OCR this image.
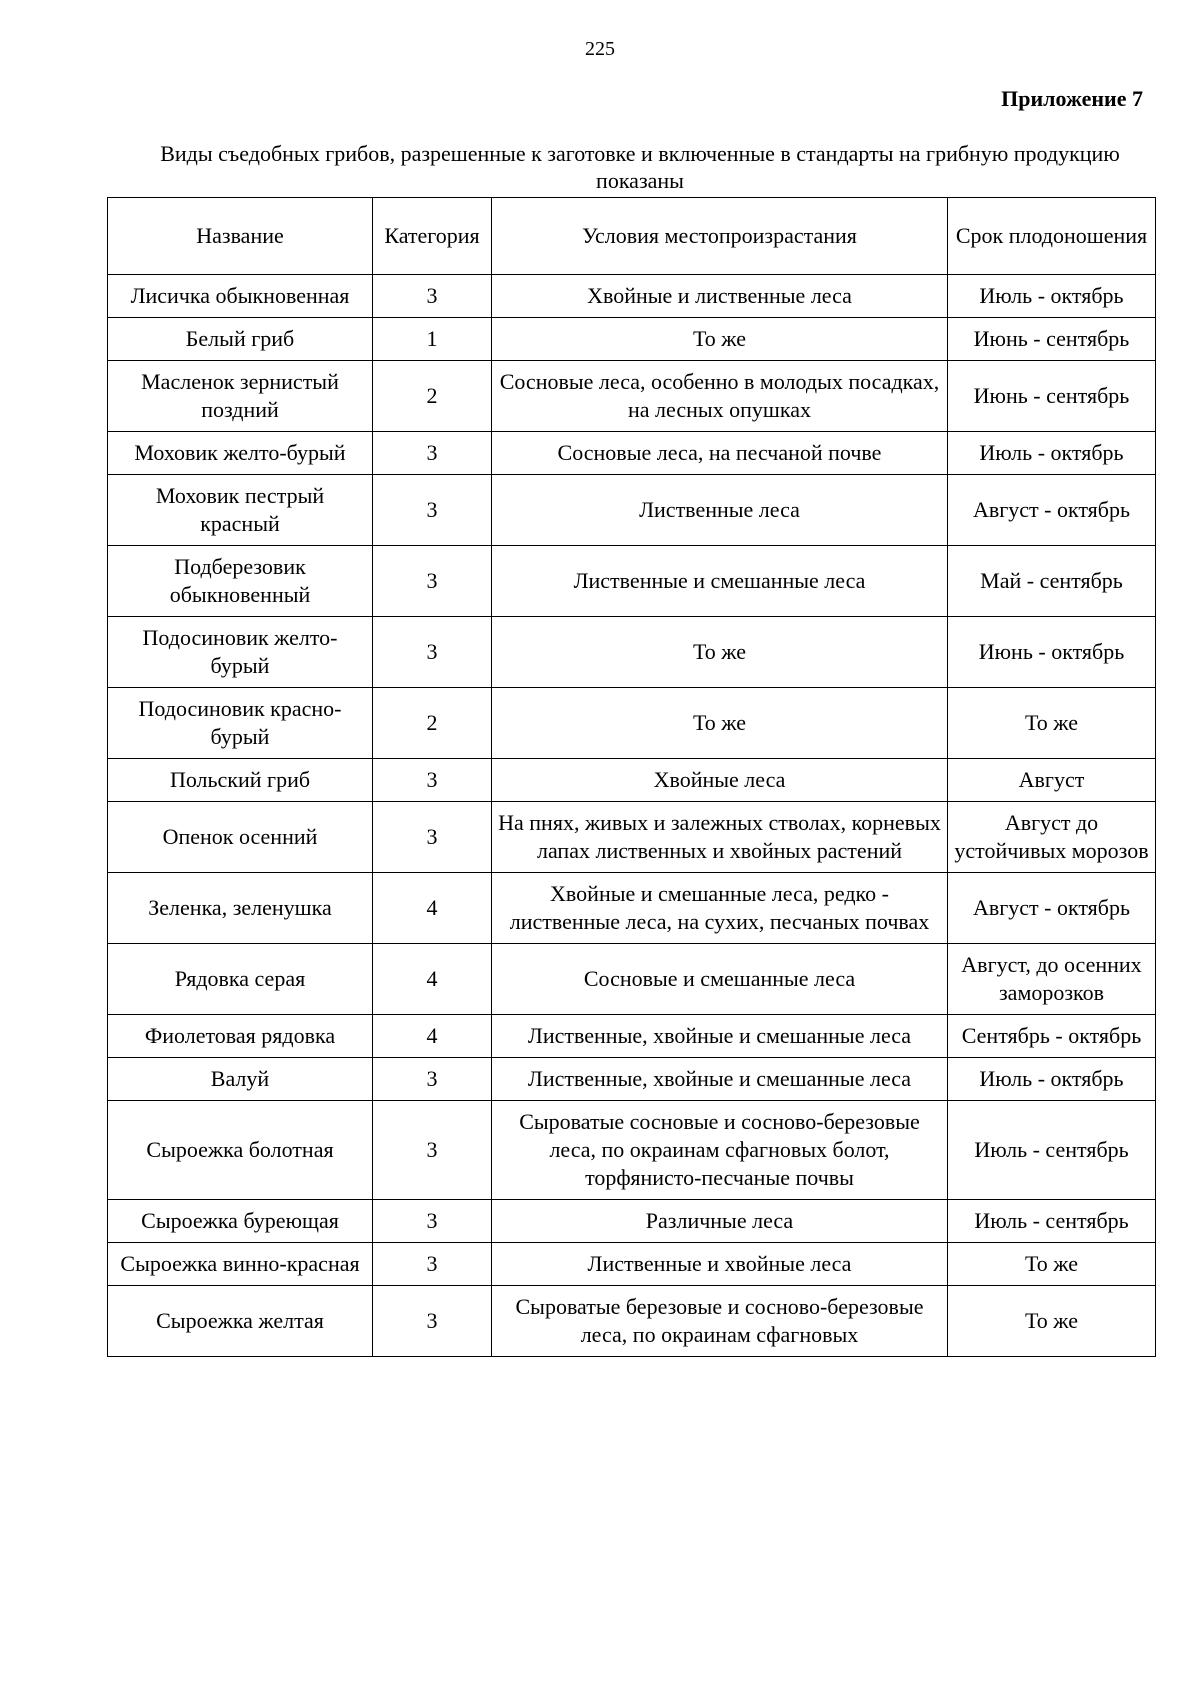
225
Приложение 7
Виды съедобных грибов, разрешенные к заготовке и включенные в стандарты на грибную продукцию показаны
Название	Категория	Условия местопроизрастания	Срок плодоношения
Лисичка обыкновенная	3	Хвойные и лиственные леса	Июль - октябрь
Белый гриб	1	То же	Июнь - сентябрь
Масленок зернистый поздний	2	Сосновые леса, особенно в молодых посадках, на лесных опушках	Июнь - сентябрь
Моховик желто-бурый	3	Сосновые леса, на песчаной почве	Июль - октябрь
Моховик пестрый красный	3	Лиственные леса	Август - октябрь
Подберезовик обыкновенный	3	Лиственные и смешанные леса	Май - сентябрь
Подосиновик желто-бурый	3	То же	Июнь - октябрь
Подосиновик красно-бурый	2	То же	То же
Польский гриб	3	Хвойные леса	Август
Опенок осенний	3	На пнях, живых и залежных стволах, корневых лапах лиственных и хвойных растений	Август до устойчивых морозов
Зеленка, зеленушка	4	Хвойные и смешанные леса, редко - лиственные леса, на сухих, песчаных почвах	Август - октябрь
Рядовка серая	4	Сосновые и смешанные леса	Август, до осенних заморозков
Фиолетовая рядовка	4	Лиственные, хвойные и смешанные леса	Сентябрь - октябрь
Валуй	3	Лиственные, хвойные и смешанные леса	Июль - октябрь
Сыроежка болотная	3	Сыроватые сосновые и сосново-березовые леса, по окраинам сфагновых болот, торфянисто-песчаные почвы	Июль - сентябрь
Сыроежка буреющая	3	Различные леса	Июль - сентябрь
Сыроежка винно-красная	3	Лиственные и хвойные леса	То же
Сыроежка желтая	3	Сыроватые березовые и сосново-березовые леса, по окраинам сфагновых	То же
